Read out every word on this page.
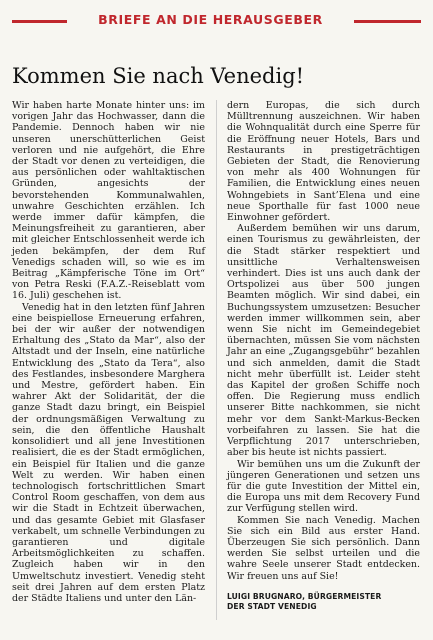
BRIEFE AN DIE HERAUSGEBER
Kommen Sie nach Venedig!

Wir haben harte Monate hinter uns: im vorigen Jahr das Hochwasser, dann die Pandemie. Dennoch haben wir nie unseren unerschütterlichen Geist verloren und nie aufgehört, die Ehre der Stadt vor denen zu verteidigen, die aus persönlichen oder wahltaktischen Gründen, angesichts der bevorstehenden Kommunalwahlen, unwahre Geschichten erzählen. Ich werde immer dafür kämpfen, die Meinungsfreiheit zu garantieren, aber mit gleicher Entschlossenheit werde ich jeden bekämpfen, der dem Ruf Venedigs schaden will, so wie es im Beitrag „Kämpferische Töne im Ort“ von Petra Reski (F.A.Z.-Reiseblatt vom 16. Juli) geschehen ist.

Venedig hat in den letzten fünf Jahren eine beispiellose Erneuerung erfahren, bei der wir außer der notwendigen Erhaltung des „Stato da Mar“, also der Altstadt und der Inseln, eine natürliche Entwicklung des „Stato da Tera“, also des Festlandes, insbesondere Marghera und Mestre, gefördert haben. Ein wahrer Akt der Solidarität, der die ganze Stadt dazu bringt, ein Beispiel der ordnungsmäßigen Verwaltung zu sein, die den öffentliche Haushalt konsolidiert und all jene Investitionen realisiert, die es der Stadt ermöglichen, ein Beispiel für Italien und die ganze Welt zu werden. Wir haben einen technologisch fortschrittlichen Smart Control Room geschaffen, von dem aus wir die Stadt in Echtzeit überwachen, und das gesamte Gebiet mit Glasfaser verkabelt, um schnelle Verbindungen zu garantieren und digitale Arbeitsmöglichkeiten zu schaffen. Zugleich haben wir in den Umweltschutz investiert. Venedig steht seit drei Jahren auf dem ersten Platz der Städte Italiens und unter den Län-

dern Europas, die sich durch Mülltrennung auszeichnen. Wir haben die Wohnqualität durch eine Sperre für die Eröffnung neuer Hotels, Bars und Restaurants in prestigeträchtigen Gebieten der Stadt, die Renovierung von mehr als 400 Wohnungen für Familien, die Entwicklung eines neuen Wohngebiets in Sant’Elena und eine neue Sporthalle für fast 1000 neue Einwohner gefördert.

Außerdem bemühen wir uns darum, einen Tourismus zu gewährleisten, der die Stadt stärker respektiert und unsittliche Verhaltensweisen verhindert. Dies ist uns auch dank der Ortspolizei aus über 500 jungen Beamten möglich. Wir sind dabei, ein Buchungssystem umzusetzen: Besucher werden immer willkommen sein, aber wenn Sie nicht im Gemeindegebiet übernachten, müssen Sie vom nächsten Jahr an eine „Zugangsgebühr“ bezahlen und sich anmelden, damit die Stadt nicht mehr überfüllt ist. Leider steht das Kapitel der großen Schiffe noch offen. Die Regierung muss endlich unserer Bitte nachkommen, sie nicht mehr vor dem Sankt-Markus-Becken vorbeifahren zu lassen. Sie hat die Verpflichtung 2017 unterschrieben, aber bis heute ist nichts passiert.

Wir bemühen uns um die Zukunft der jüngeren Generationen und setzen uns für die gute Investition der Mittel ein, die Europa uns mit dem Recovery Fund zur Verfügung stellen wird.

Kommen Sie nach Venedig. Machen Sie sich ein Bild aus erster Hand. Überzeugen Sie sich persönlich. Dann werden Sie selbst urteilen und die wahre Seele unserer Stadt entdecken. Wir freuen uns auf Sie!

LUIGI BRUGNARO, BÜRGERMEISTER
DER STADT VENEDIG
